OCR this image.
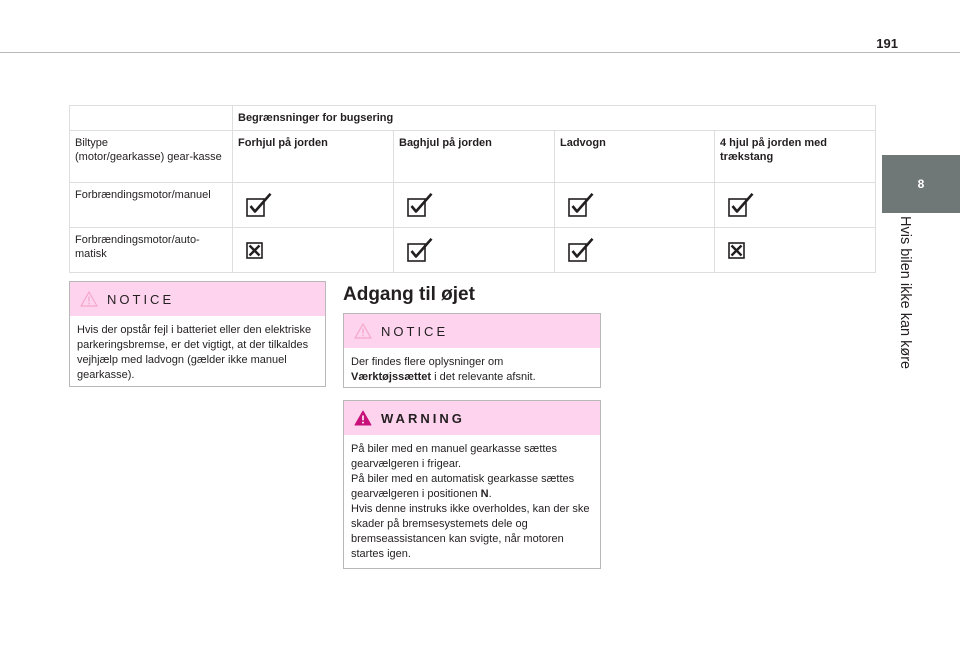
191
8
Hvis bilen ikke kan køre
	Begrænsninger for bugsering			
Biltype
(motor/gearkasse) gear-kasse	Forhjul på jorden	Baghjul på jorden	Ladvogn	4 hjul på jorden med trækstang
Forbrændingsmotor/manuel	

Forbrændingsmotor/auto-matisk	

NOTICE

Hvis der opstår fejl i batteriet eller den elektriske parkeringsbremse, er det vigtigt, at der tilkaldes vejhjælp med ladvogn (gælder ikke manuel gearkasse).

Adgang til øjet
NOTICE

Der findes flere oplysninger om
Værktøjssættet i det relevante afsnit.

WARNING

På biler med en manuel gearkasse sættes gearvælgeren i frigear.

På biler med en automatisk gearkasse sættes gearvælgeren i positionen N.

Hvis denne instruks ikke overholdes, kan der ske skader på bremsesystemets dele og bremseassistancen kan svigte, når motoren startes igen.
